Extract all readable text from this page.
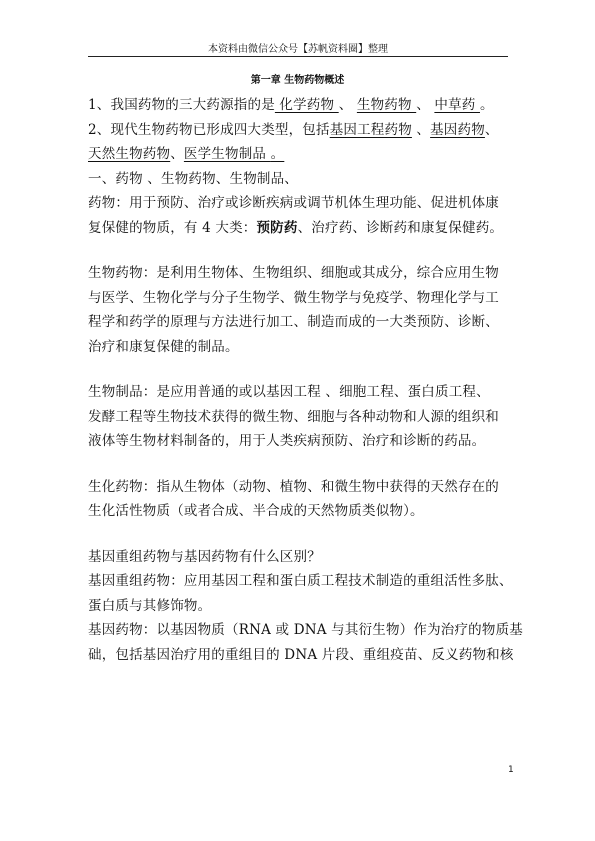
本资料由微信公众号【苏帆资料圈】整理
第一章 生物药物概述
1、我国药物的三大药源指的是 化学药物 、 生物药物 、 中草药 。
2、现代生物药物已形成四大类型，包括基因工程药物 、基因药物、
天然生物药物、医学生物制品 。
一、药物 、生物药物、生物制品、
药物：用于预防、治疗或诊断疾病或调节机体生理功能、促进机体康
复保健的物质，有 4 大类：预防药、治疗药、诊断药和康复保健药。
生物药物：是利用生物体、生物组织、细胞或其成分，综合应用生物
与医学、生物化学与分子生物学、微生物学与免疫学、物理化学与工
程学和药学的原理与方法进行加工、制造而成的一大类预防、诊断、
治疗和康复保健的制品。
生物制品：是应用普通的或以基因工程 、细胞工程、蛋白质工程、
发酵工程等生物技术获得的微生物、细胞与各种动物和人源的组织和
液体等生物材料制备的，用于人类疾病预防、治疗和诊断的药品。
生化药物：指从生物体（动物、植物、和微生物中获得的天然存在的
生化活性物质（或者合成、半合成的天然物质类似物）。
基因重组药物与基因药物有什么区别？
基因重组药物：应用基因工程和蛋白质工程技术制造的重组活性多肽、
蛋白质与其修饰物。
基因药物：以基因物质（RNA 或 DNA 与其衍生物）作为治疗的物质基
础，包括基因治疗用的重组目的 DNA 片段、重组疫苗、反义药物和核
1
